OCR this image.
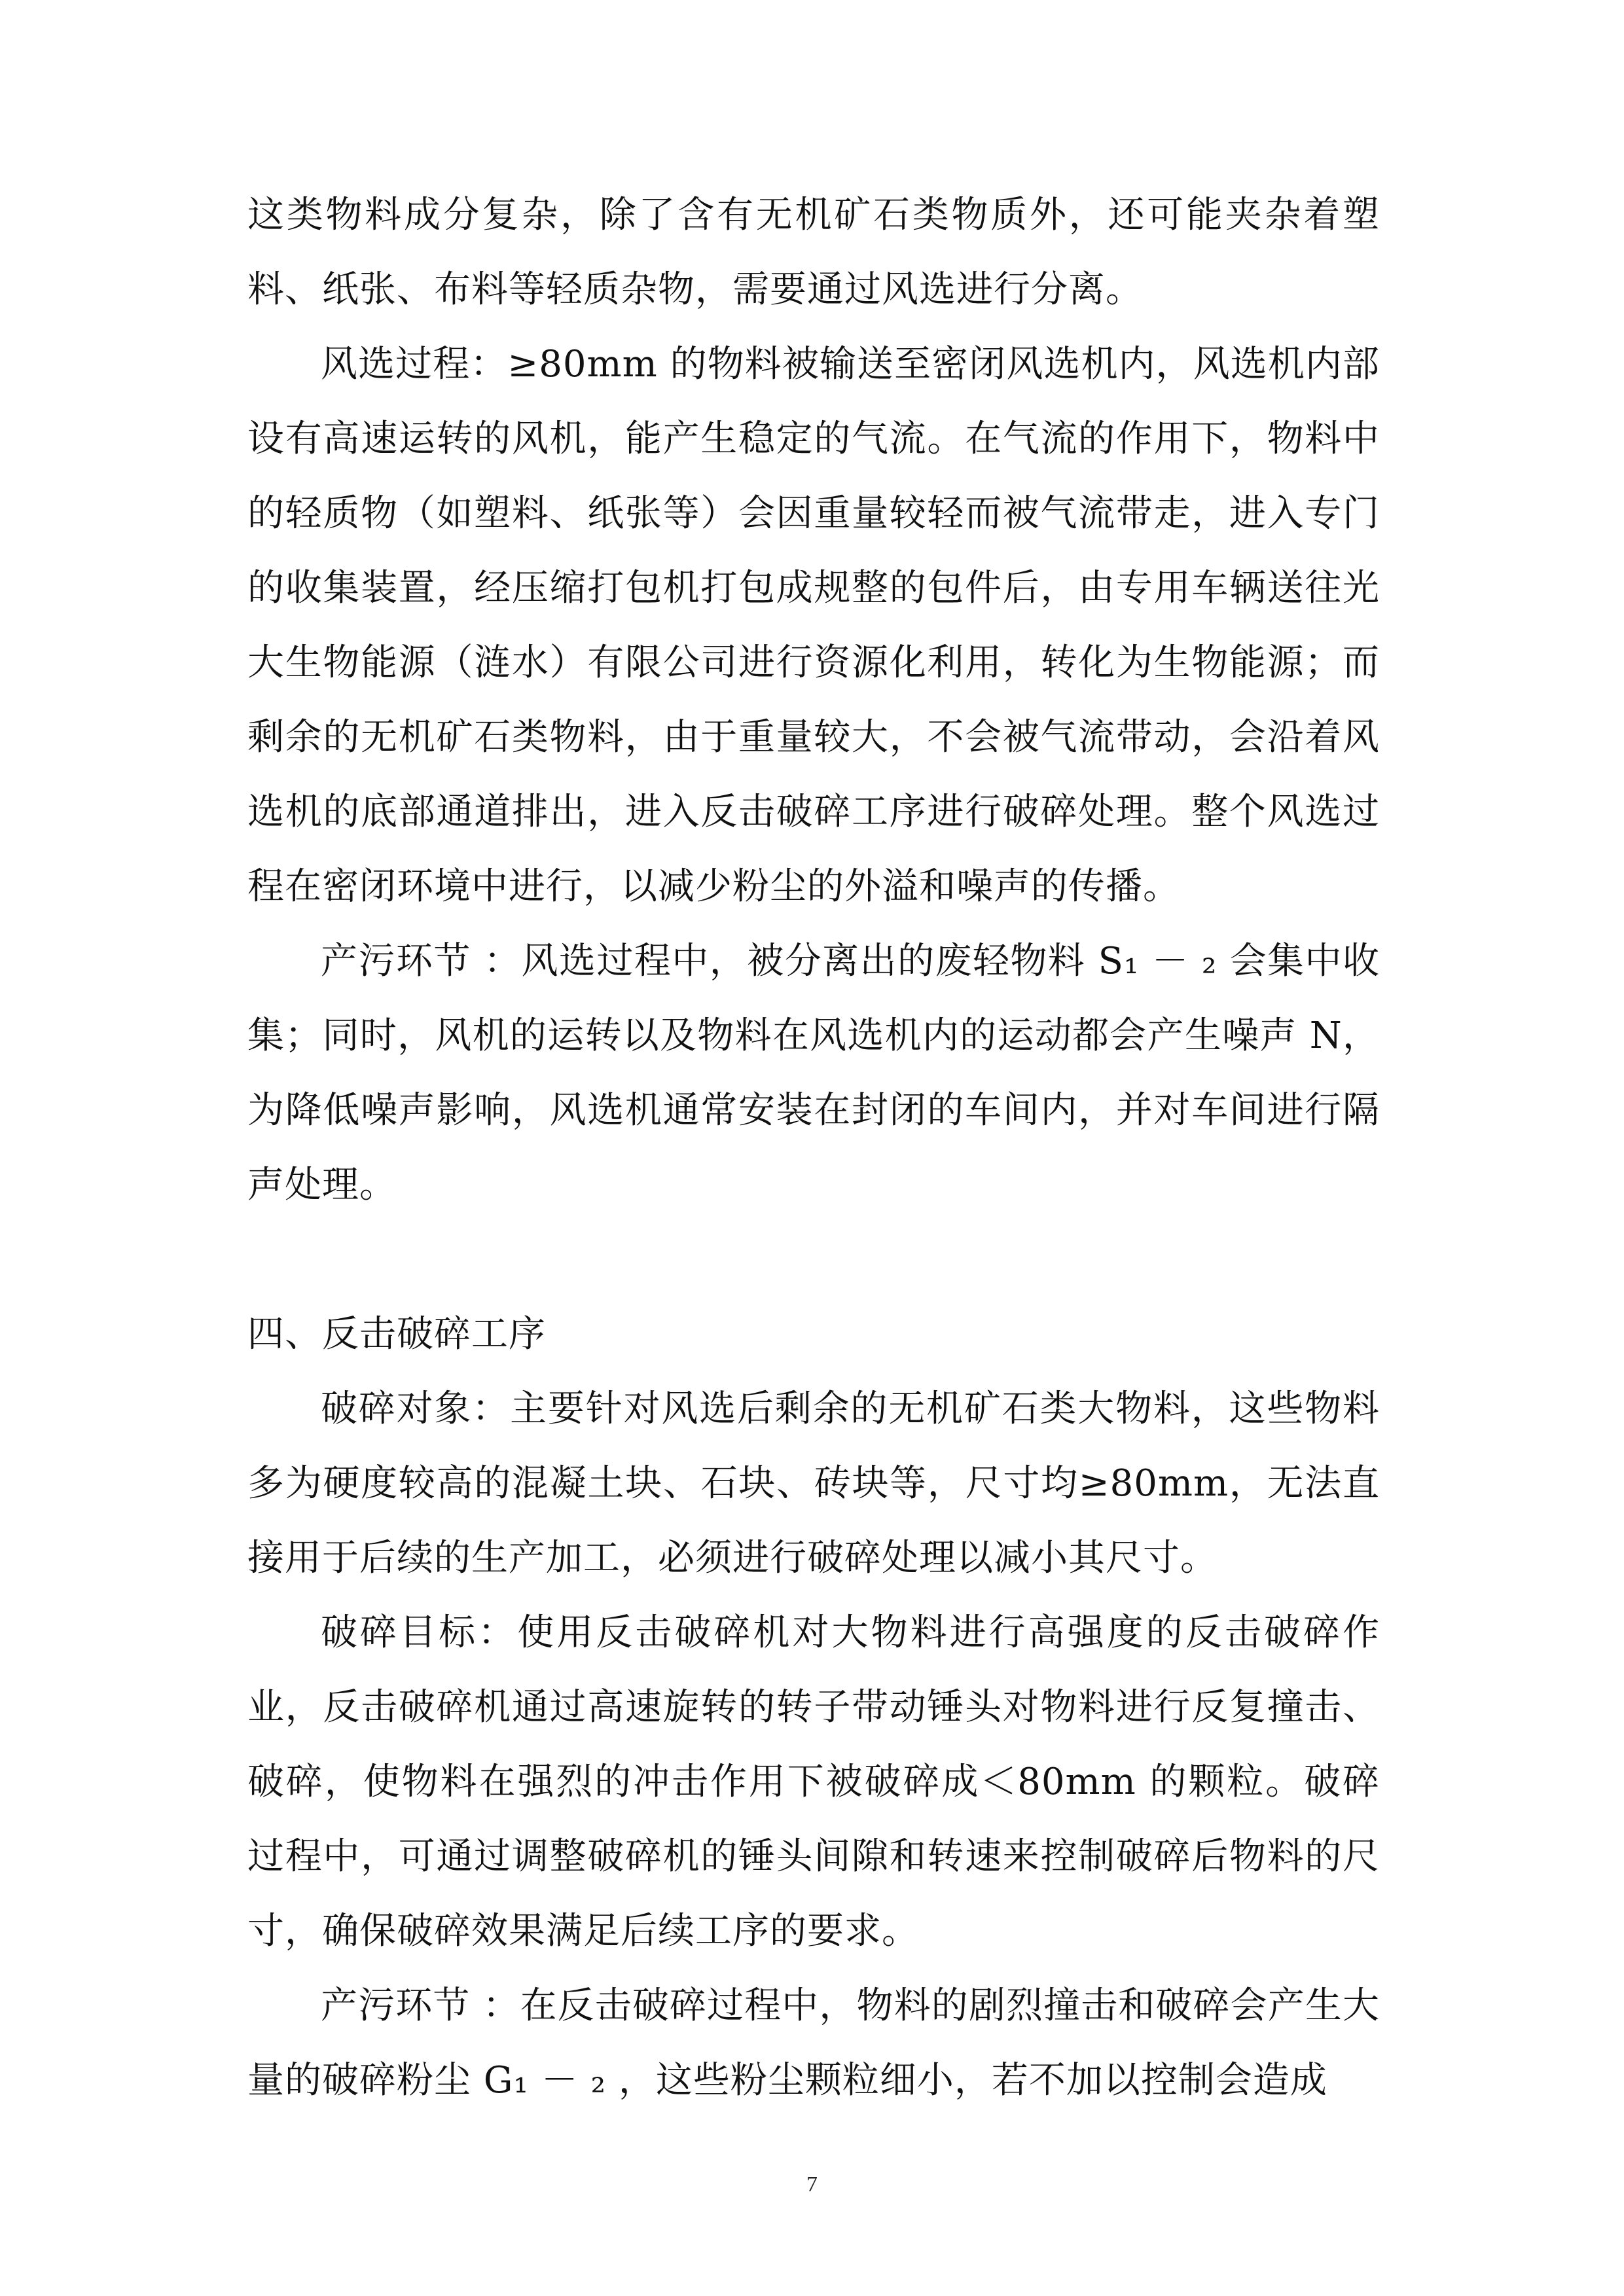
这类物料成分复杂，除了含有无机矿石类物质外，还可能夹杂着塑料、纸张、布料等轻质杂物，需要通过风选进行分离。

风选过程：≥80mm 的物料被输送至密闭风选机内，风选机内部设有高速运转的风机，能产生稳定的气流。在气流的作用下，物料中的轻质物（如塑料、纸张等）会因重量较轻而被气流带走，进入专门的收集装置，经压缩打包机打包成规整的包件后，由专用车辆送往光大生物能源（涟水）有限公司进行资源化利用，转化为生物能源；而剩余的无机矿石类物料，由于重量较大，不会被气流带动，会沿着风选机的底部通道排出，进入反击破碎工序进行破碎处理。整个风选过程在密闭环境中进行，以减少粉尘的外溢和噪声的传播。

产污环节 ：风选过程中，被分离出的废轻物料 S₁ － ₂ 会集中收集；同时，风机的运转以及物料在风选机内的运动都会产生噪声 N，为降低噪声影响，风选机通常安装在封闭的车间内，并对车间进行隔声处理。

四、反击破碎工序

破碎对象：主要针对风选后剩余的无机矿石类大物料，这些物料多为硬度较高的混凝土块、石块、砖块等，尺寸均≥80mm，无法直接用于后续的生产加工，必须进行破碎处理以减小其尺寸。

破碎目标：使用反击破碎机对大物料进行高强度的反击破碎作业，反击破碎机通过高速旋转的转子带动锤头对物料进行反复撞击、破碎，使物料在强烈的冲击作用下被破碎成＜80mm 的颗粒。破碎过程中，可通过调整破碎机的锤头间隙和转速来控制破碎后物料的尺寸，确保破碎效果满足后续工序的要求。

产污环节 ：在反击破碎过程中，物料的剧烈撞击和破碎会产生大量的破碎粉尘 G₁ － ₂ ，这些粉尘颗粒细小，若不加以控制会造成

7
